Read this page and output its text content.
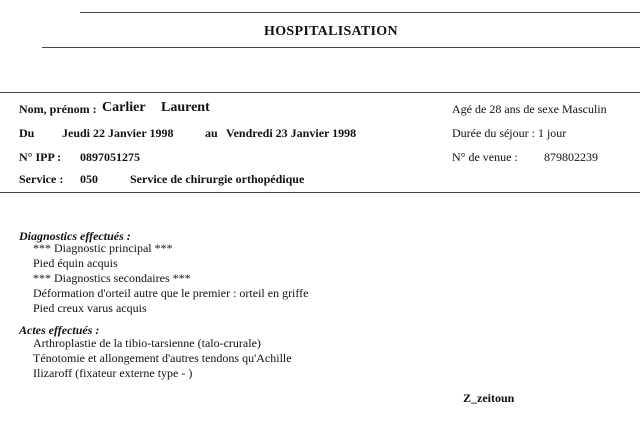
HOSPITALISATION
Nom, prénom : Carlier Laurent
Du Jeudi 22 Janvier 1998	au Vendredi 23 Janvier 1998
N° IPP : 0897051275
Service : 050	Service de chirurgie orthopédique
Agé de 28 ans de sexe Masculin
Durée du séjour : 1 jour
N° de venue : 879802239
Diagnostics effectués :
*** Diagnostic principal ***
Pied équin acquis
*** Diagnostics secondaires ***
Déformation d'orteil autre que le premier : orteil en griffe
Pied creux varus acquis
Actes effectués :
Arthroplastie de la tibio-tarsienne (talo-crurale)
Ténotomie et allongement d'autres tendons qu'Achille
Ilizaroff (fixateur externe type - )
Z_zeitoun
